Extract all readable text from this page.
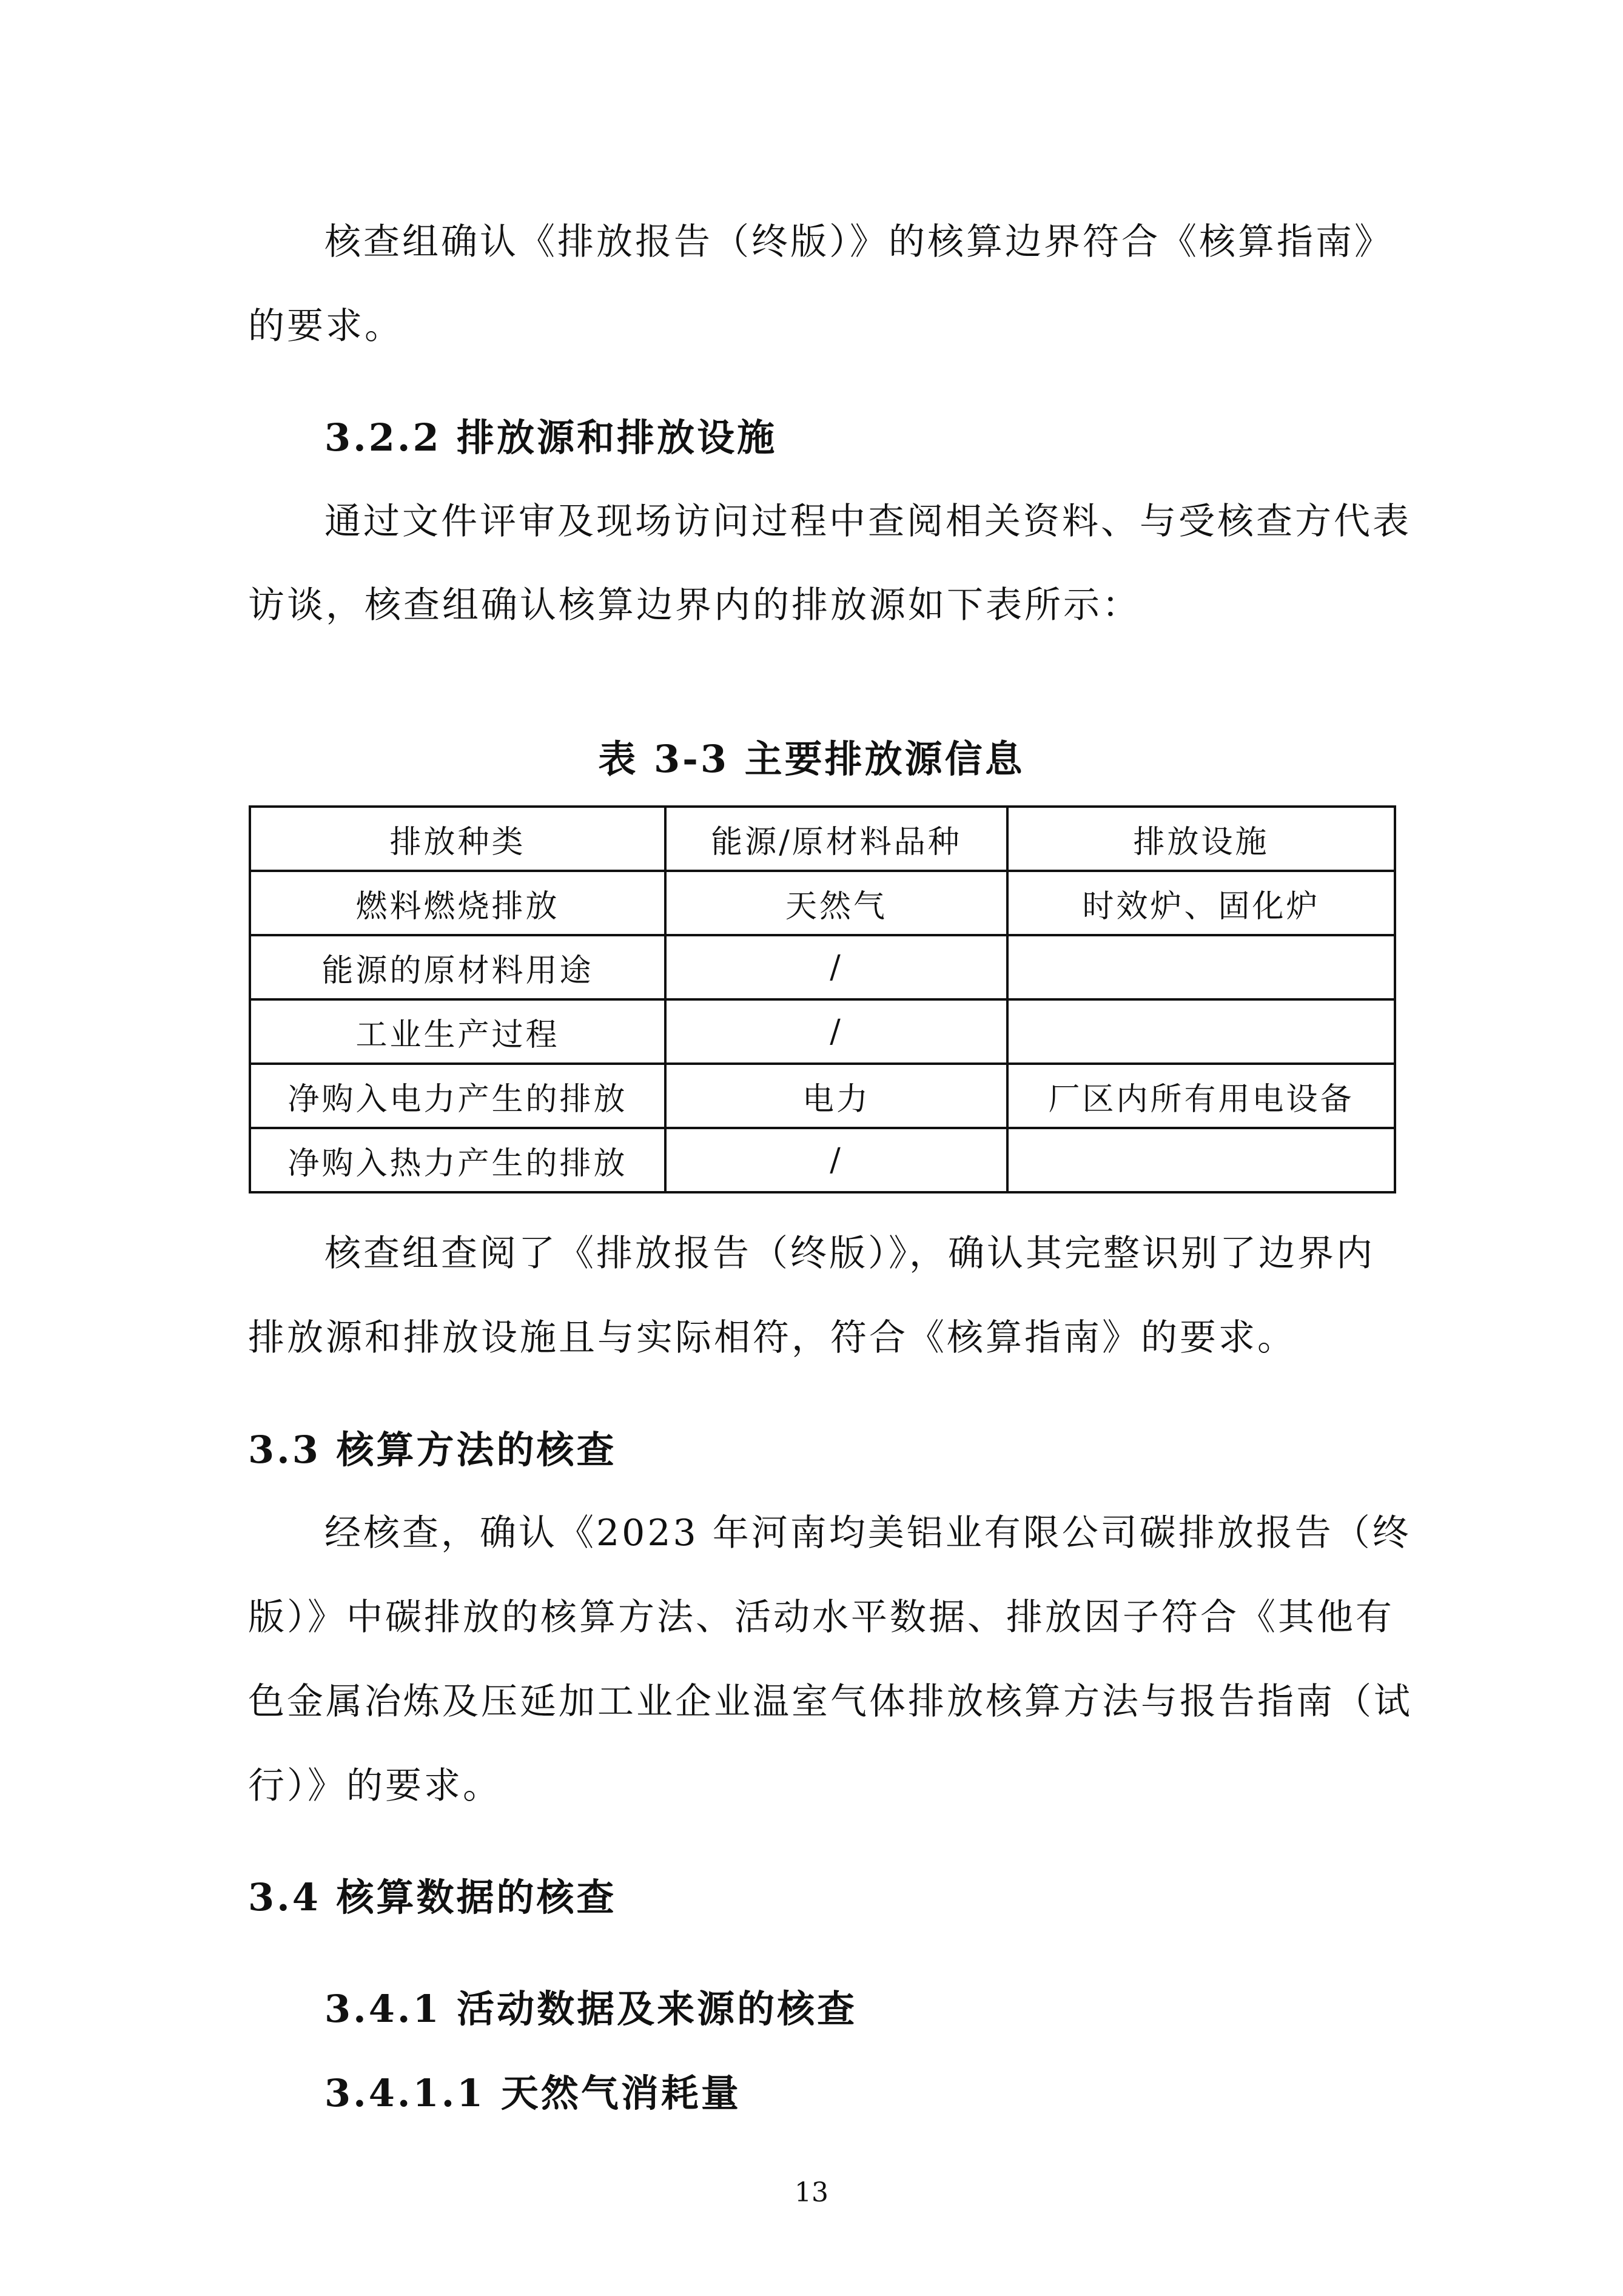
核查组确认《排放报告（终版）》的核算边界符合《核算指南》
的要求。
3.2.2 排放源和排放设施
通过文件评审及现场访问过程中查阅相关资料、与受核查方代表
访谈，核查组确认核算边界内的排放源如下表所示：
表 3-3 主要排放源信息
排放种类	能源/原材料品种	排放设施
燃料燃烧排放	天然气	时效炉、固化炉
能源的原材料用途	/	
工业生产过程	/	
净购入电力产生的排放	电力	厂区内所有用电设备
净购入热力产生的排放	/	
核查组查阅了《排放报告（终版）》，确认其完整识别了边界内
排放源和排放设施且与实际相符，符合《核算指南》的要求。
3.3 核算方法的核查
经核查，确认《2023 年河南均美铝业有限公司碳排放报告（终
版）》中碳排放的核算方法、活动水平数据、排放因子符合《其他有
色金属冶炼及压延加工业企业温室气体排放核算方法与报告指南（试
行）》的要求。
3.4 核算数据的核查
3.4.1 活动数据及来源的核查
3.4.1.1 天然气消耗量
13
